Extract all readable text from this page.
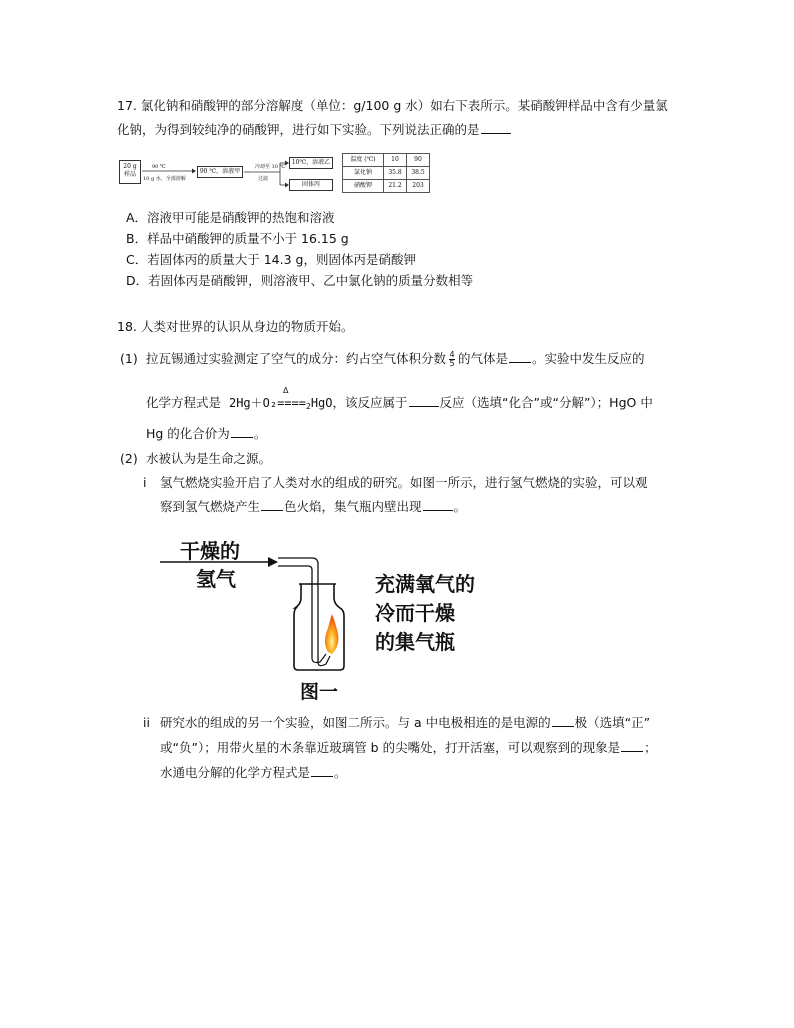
17. 氯化钠和硝酸钾的部分溶解度（单位：g/100 g 水）如右下表所示。某硝酸钾样品中含有少量氯
化钠，为得到较纯净的硝酸钾，进行如下实验。下列说法正确的是
20 g
样品
90 ℃
10 g 水，全部溶解
90 ℃，溶液甲
冷却至 10 ℃
过滤
10℃，溶液乙
固体丙
温度 (℃)	10	90
氯化钠	35.8	38.5
硝酸钾	21.2	203
A．溶液甲可能是硝酸钾的热饱和溶液
B．样品中硝酸钾的质量不小于 16.15 g
C．若固体丙的质量大于 14.3 g，则固体丙是硝酸钾
D．若固体丙是硝酸钾，则溶液甲、乙中氯化钠的质量分数相等
18. 人类对世界的认识从身边的物质开始。
(1) 拉瓦锡通过实验测定了空气的成分：约占空气体积分数 $\frac{4}{5}$ 的气体是 。实验中发生反应的
Δ
化学方程式是 $2Hg+O_2====_2HgO$，该反应属于	反应（选填“化合”或“分解”）；HgO 中
Hg 的化合价为 。
(2) 水被认为是生命之源。
i 氢气燃烧实验开启了人类对水的组成的研究。如图一所示，进行氢气燃烧的实验，可以观
察到氢气燃烧产生 色火焰，集气瓶内壁出现	。
干燥的
氢气	充满氧气的
冷而干燥
的集气瓶
图一
ii 研究水的组成的另一个实验，如图二所示。与 a 中电极相连的是电源的 极（选填“正”
或“负”）；用带火星的木条靠近玻璃管 b 的尖嘴处，打开活塞，可以观察到的现象是 ；
水通电分解的化学方程式是 。
